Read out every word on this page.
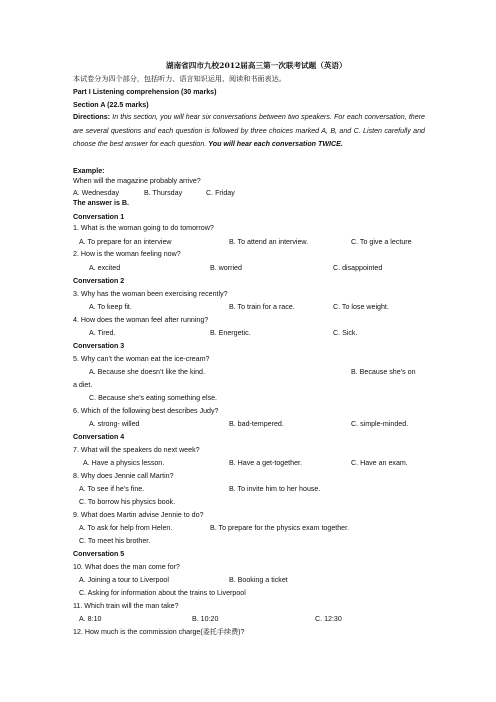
湖南省四市九校2012届高三第一次联考试题（英语）
本试卷分为四个部分，包括听力、语言知识运用、阅读和书面表达。
Part I Listening comprehension (30 marks)
Section A (22.5 marks)
Directions: In this section, you will hear six conversations between two speakers. For each conversation, there are several questions and each question is followed by three choices marked A, B, and C. Listen carefully and choose the best answer for each question. You will hear each conversation TWICE.
Example:
When will the magazine probably arrive?
A. Wednesday	B. Thursday	C. Friday
The answer is B.
Conversation 1
1. What is the woman going to do tomorrow?
A. To prepare for an interview	B. To attend an interview.	C. To give a lecture
2. How is the woman feeling now?
A. excited	B. worried	C. disappointed
Conversation 2
3. Why has the woman been exercising recently?
A. To keep fit.	B. To train for a race.	C. To lose weight.
4. How does the woman feel after running?
A. Tired.	B. Energetic.	C. Sick.
Conversation 3
5. Why can’t the woman eat the ice-cream?
A. Because she doesn’t like the kind.	B. Because she’s on
a diet.
C. Because she’s eating something else.
6. Which of the following best describes Judy?
A. strong- willed	B. bad-tempered.	C. simple-minded.
Conversation 4
7. What will the speakers do next week?
A. Have a physics lesson.	B. Have a get-together.	C. Have an exam.
8. Why does Jennie call Martin?
A. To see if he’s fine.	B. To invite him to her house.
C. To borrow his physics book.
9. What does Martin advise Jennie to do?
A. To ask for help from Helen.	B. To prepare for the physics exam together.
C. To meet his brother.
Conversation 5
10. What does the man come for?
A. Joining a tour to Liverpool	B. Booking a ticket
C. Asking for information about the trains to Liverpool
11. Which train will the man take?
A. 8:10	B. 10:20	C. 12:30
12. How much is the commission charge(委托手续费)?
